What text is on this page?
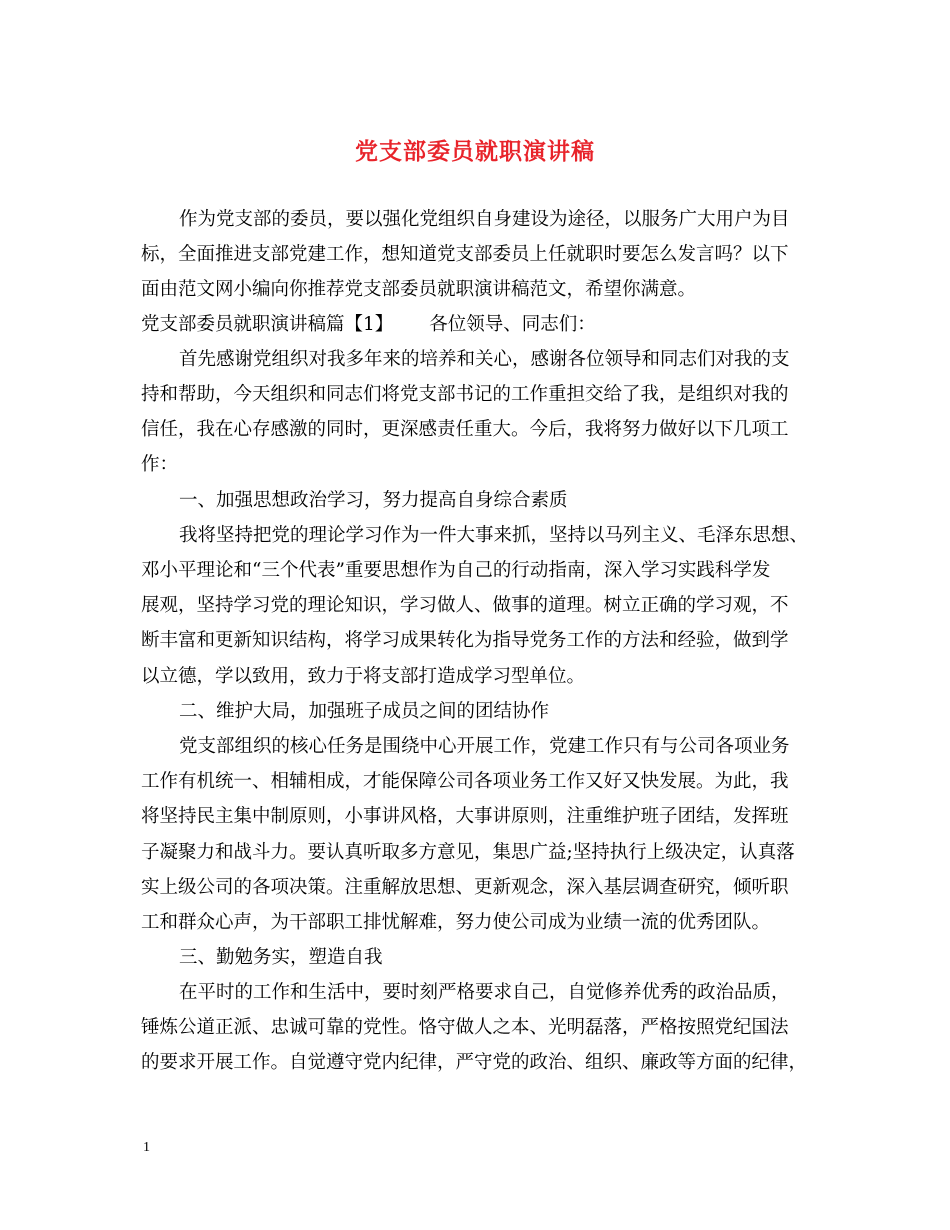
党支部委员就职演讲稿
作为党支部的委员，要以强化党组织自身建设为途径，以服务广大用户为目
标，全面推进支部党建工作，想知道党支部委员上任就职时要怎么发言吗？以下
面由范文网小编向你推荐党支部委员就职演讲稿范文，希望你满意。
党支部委员就职演讲稿篇【1】 各位领导、同志们：
首先感谢党组织对我多年来的培养和关心，感谢各位领导和同志们对我的支
持和帮助，今天组织和同志们将党支部书记的工作重担交给了我，是组织对我的
信任，我在心存感激的同时，更深感责任重大。今后，我将努力做好以下几项工
作：
一、加强思想政治学习，努力提高自身综合素质
我将坚持把党的理论学习作为一件大事来抓，坚持以马列主义、毛泽东思想、
邓小平理论和“三个代表”重要思想作为自己的行动指南，深入学习实践科学发
展观，坚持学习党的理论知识，学习做人、做事的道理。树立正确的学习观，不
断丰富和更新知识结构，将学习成果转化为指导党务工作的方法和经验，做到学
以立德，学以致用，致力于将支部打造成学习型单位。
二、维护大局，加强班子成员之间的团结协作
党支部组织的核心任务是围绕中心开展工作，党建工作只有与公司各项业务
工作有机统一、相辅相成，才能保障公司各项业务工作又好又快发展。为此，我
将坚持民主集中制原则，小事讲风格，大事讲原则，注重维护班子团结，发挥班
子凝聚力和战斗力。要认真听取多方意见，集思广益;坚持执行上级决定，认真落
实上级公司的各项决策。注重解放思想、更新观念，深入基层调查研究，倾听职
工和群众心声，为干部职工排忧解难，努力使公司成为业绩一流的优秀团队。
三、勤勉务实，塑造自我
在平时的工作和生活中，要时刻严格要求自己，自觉修养优秀的政治品质，
锤炼公道正派、忠诚可靠的党性。恪守做人之本、光明磊落，严格按照党纪国法
的要求开展工作。自觉遵守党内纪律，严守党的政治、组织、廉政等方面的纪律，
1
